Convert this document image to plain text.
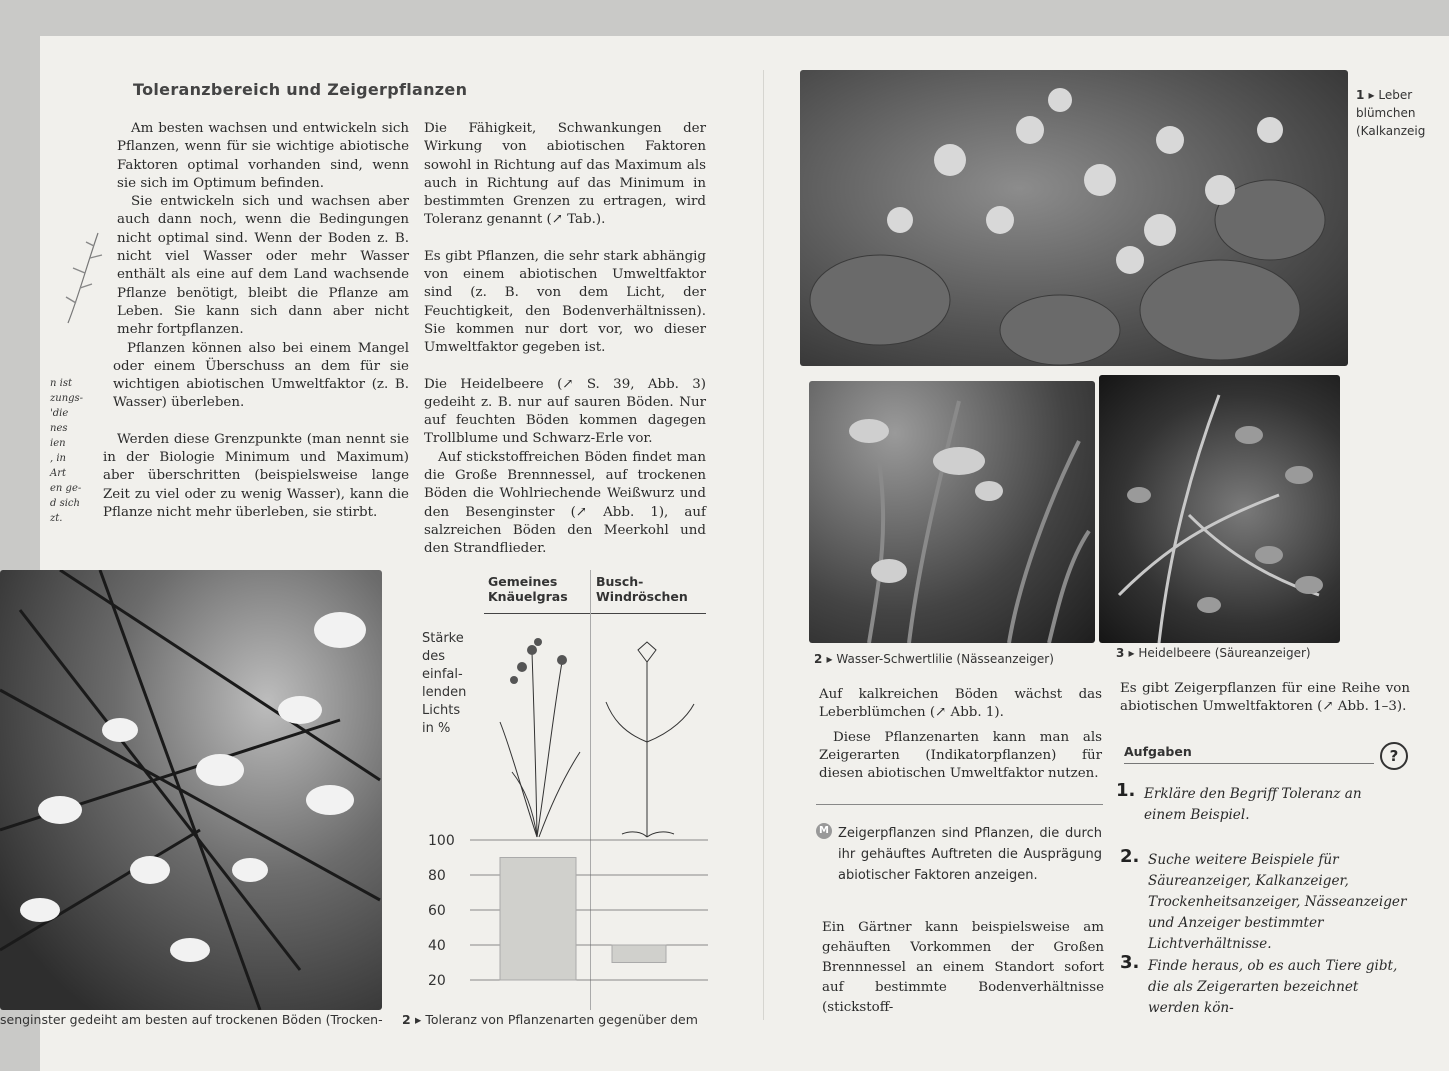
Toleranzbereich und Zeigerpflanzen
n ist
zungs-
'die
nes
ien
, in
Art
en ge-
d sich
zt.

Am besten wachsen und entwickeln sich Pflanzen, wenn für sie wichtige abiotische Faktoren optimal vorhanden sind, wenn sie sich im Optimum befinden.

Sie entwickeln sich und wachsen aber auch dann noch, wenn die Bedingungen nicht optimal sind. Wenn der Boden z. B. nicht viel Wasser oder mehr Wasser enthält als eine auf dem Land wachsende Pflanze benötigt, bleibt die Pflanze am Leben. Sie kann sich dann aber nicht mehr fortpflanzen.

Pflanzen können also bei einem Mangel oder einem Überschuss an dem für sie wichtigen abiotischen Umweltfaktor (z. B. Wasser) überleben.

Werden diese Grenzpunkte (man nennt sie in der Biologie Minimum und Maximum) aber überschritten (beispielsweise lange Zeit zu viel oder zu wenig Wasser), kann die Pflanze nicht mehr überleben, sie stirbt.

Die Fähigkeit, Schwankungen der Wirkung von abiotischen Faktoren sowohl in Richtung auf das Maximum als auch in Richtung auf das Minimum in bestimmten Grenzen zu ertragen, wird Toleranz genannt (↗ Tab.).

Es gibt Pflanzen, die sehr stark abhängig von einem abiotischen Umweltfaktor sind (z. B. von dem Licht, der Feuchtigkeit, den Bodenverhältnissen). Sie kommen nur dort vor, wo dieser Umweltfaktor gegeben ist.

Die Heidelbeere (↗ S. 39, Abb. 3) gedeiht z. B. nur auf sauren Böden. Nur auf feuchten Böden kommen dagegen Trollblume und Schwarz-Erle vor.

Auf stickstoffreichen Böden findet man die Große Brennnessel, auf trockenen Böden die Wohlriechende Weißwurz und den Besenginster (↗ Abb. 1), auf salzreichen Böden den Meerkohl und den Strandflieder.

senginster gedeiht am besten auf trockenen Böden (Trocken-
Gemeines Knäuelgras
Busch-Windröschen
Stärke
des
einfal-
lenden
Lichts
in %
100
80
60
40
20
2 ▸ Toleranz von Pflanzenarten gegenüber dem
1 ▸ Leber
blümchen
(Kalkanzeig
2 ▸ Wasser-Schwertlilie (Nässeanzeiger)	3 ▸ Heidelbeere (Säureanzeiger)

Auf kalkreichen Böden wächst das Leberblümchen (↗ Abb. 1).

Diese Pflanzenarten kann man als Zeigerarten (Indikatorpflanzen) für diesen abiotischen Umweltfaktor nutzen.

M Zeigerpflanzen sind Pflanzen, die durch ihr gehäuftes Auftreten die Ausprägung abiotischer Faktoren anzeigen.

Ein Gärtner kann beispielsweise am gehäuften Vorkommen der Großen Brennnessel an einem Standort sofort auf bestimmte Bodenverhältnisse (stickstoff-

Es gibt Zeigerpflanzen für eine Reihe von abiotischen Umweltfaktoren (↗ Abb. 1–3).

Aufgaben	?
1. Erkläre den Begriff Toleranz an einem Beispiel.
2. Suche weitere Beispiele für Säureanzeiger, Kalkanzeiger, Trockenheitsanzeiger, Nässeanzeiger und Anzeiger bestimmter Lichtverhältnisse.
3. Finde heraus, ob es auch Tiere gibt, die als Zeigerarten bezeichnet werden kön-
